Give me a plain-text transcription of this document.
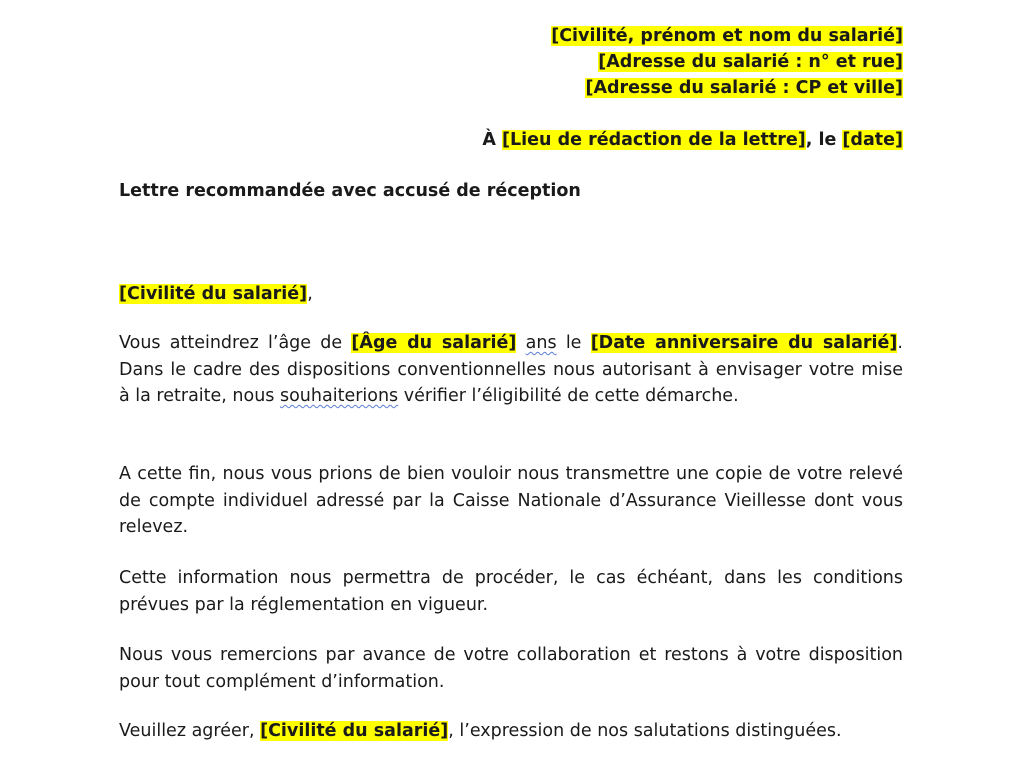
[Civilité, prénom et nom du salarié]
[Adresse du salarié : n° et rue]
[Adresse du salarié : CP et ville]
À [Lieu de rédaction de la lettre], le [date]
Lettre recommandée avec accusé de réception
[Civilité du salarié],

Vous atteindrez l’âge de [Âge du salarié] ans le [Date anniversaire du salarié]. Dans le cadre des dispositions conventionnelles nous autorisant à envisager votre mise à la retraite, nous souhaiterions vérifier l’éligibilité de cette démarche.

A cette fin, nous vous prions de bien vouloir nous transmettre une copie de votre relevé de compte individuel adressé par la Caisse Nationale d’Assurance Vieillesse dont vous relevez.

Cette information nous permettra de procéder, le cas échéant, dans les conditions prévues par la réglementation en vigueur.

Nous vous remercions par avance de votre collaboration et restons à votre disposition pour tout complément d’information.

Veuillez agréer, [Civilité du salarié], l’expression de nos salutations distinguées.
